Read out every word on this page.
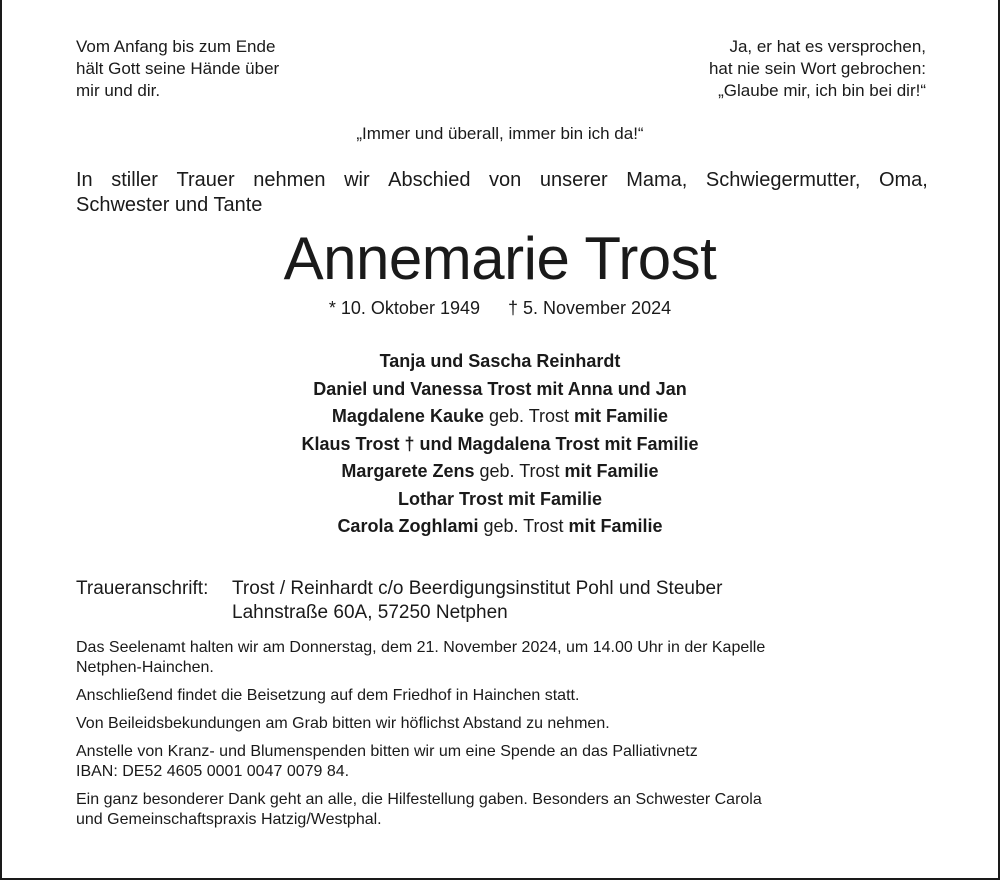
Vom Anfang bis zum Ende
hält Gott seine Hände über
mir und dir.
Ja, er hat es versprochen,
hat nie sein Wort gebrochen:
„Glaube mir, ich bin bei dir!“
„Immer und überall, immer bin ich da!“
In stiller Trauer nehmen wir Abschied von unserer Mama, Schwiegermutter, Oma,
Schwester und Tante
Annemarie Trost
* 10. Oktober 1949 † 5. November 2024
Tanja und Sascha Reinhardt
Daniel und Vanessa Trost mit Anna und Jan
Magdalene Kauke geb. Trost mit Familie
Klaus Trost † und Magdalena Trost mit Familie
Margarete Zens geb. Trost mit Familie
Lothar Trost mit Familie
Carola Zoghlami geb. Trost mit Familie
Traueranschrift:	Trost / Reinhardt c/o Beerdigungsinstitut Pohl und Steuber
Lahnstraße 60A, 57250 Netphen
Das Seelenamt halten wir am Donnerstag, dem 21. November 2024, um 14.00 Uhr in der Kapelle
Netphen-Hainchen.
Anschließend findet die Beisetzung auf dem Friedhof in Hainchen statt.
Von Beileidsbekundungen am Grab bitten wir höflichst Abstand zu nehmen.
Anstelle von Kranz- und Blumenspenden bitten wir um eine Spende an das Palliativnetz
IBAN: DE52 4605 0001 0047 0079 84.
Ein ganz besonderer Dank geht an alle, die Hilfestellung gaben. Besonders an Schwester Carola
und Gemeinschaftspraxis Hatzig/Westphal.
